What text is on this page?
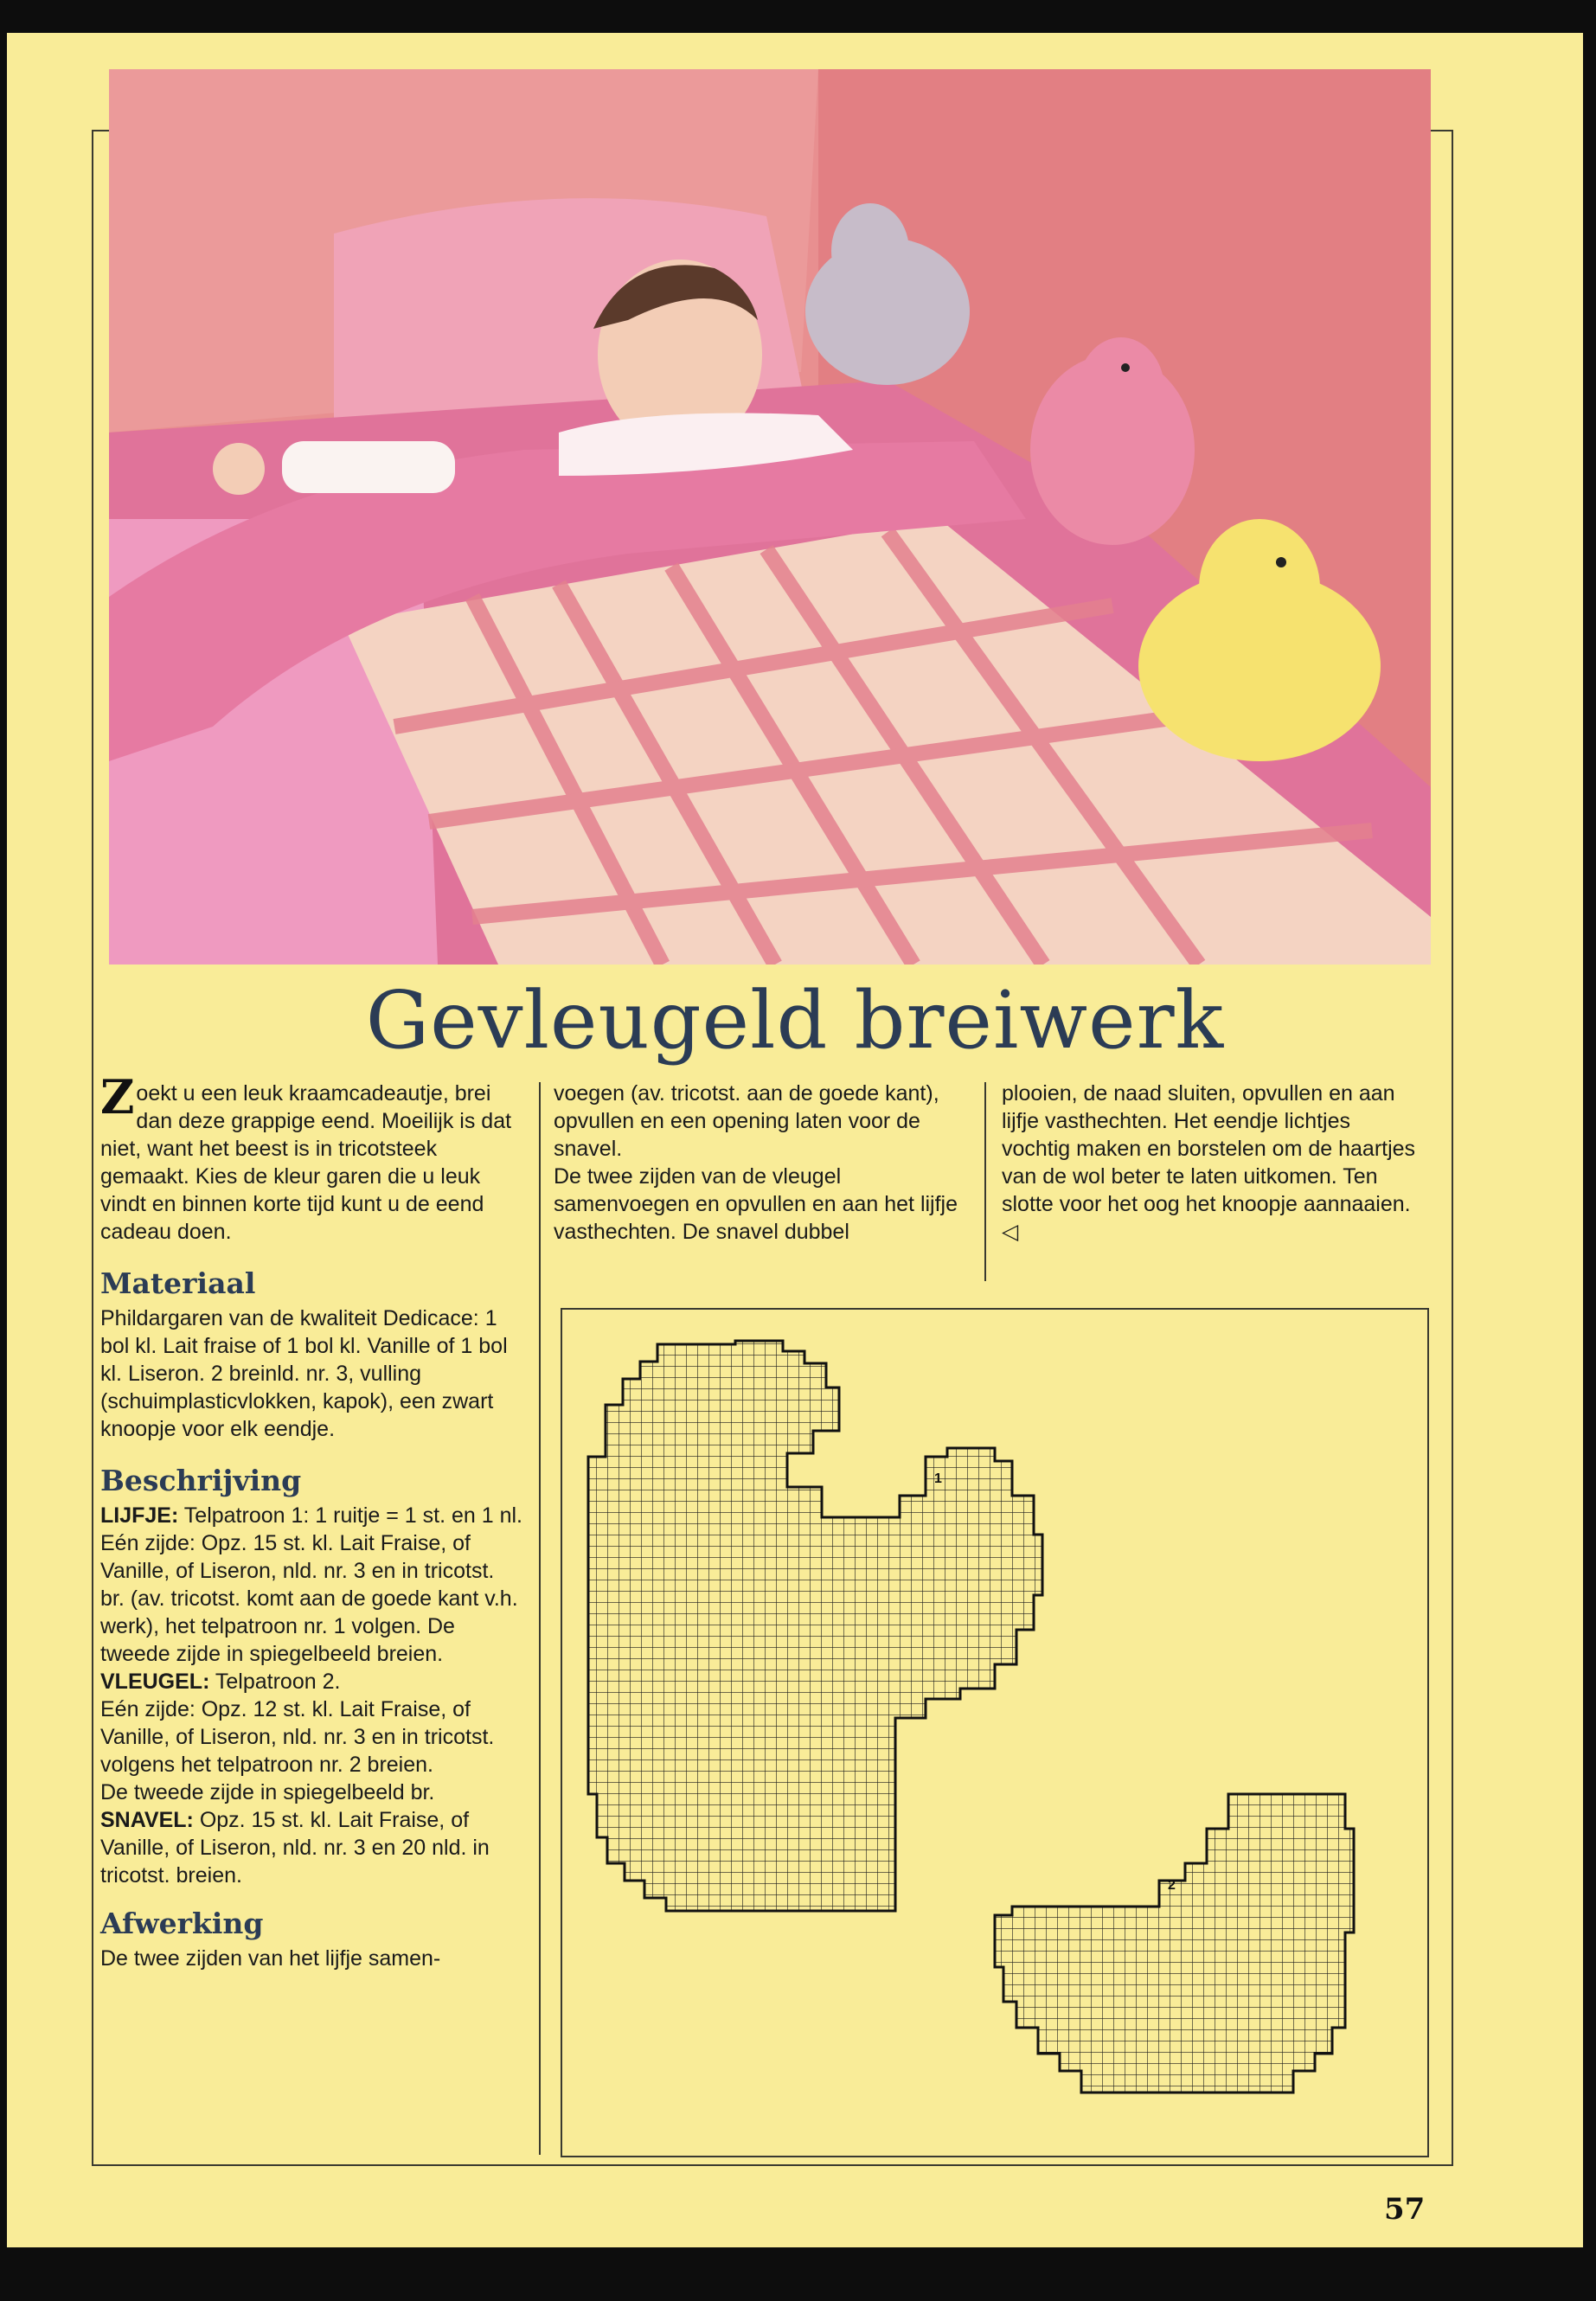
Gevleugeld breiwerk

Zoekt u een leuk kraamcadeautje, brei dan deze grappige eend. Moeilijk is dat niet, want het beest is in tricotsteek gemaakt. Kies de kleur garen die u leuk vindt en binnen korte tijd kunt u de eend cadeau doen.

Materiaal

Phildargaren van de kwaliteit Dedicace: 1 bol kl. Lait fraise of 1 bol kl. Vanille of 1 bol kl. Liseron. 2 breinld. nr. 3, vulling (schuimplasticvlokken, kapok), een zwart knoopje voor elk eendje.

Beschrijving

LIJFJE: Telpatroon 1: 1 ruitje = 1 st. en 1 nl.

Eén zijde: Opz. 15 st. kl. Lait Fraise, of Vanille, of Liseron, nld. nr. 3 en in tricotst. br. (av. tricotst. komt aan de goede kant v.h. werk), het telpatroon nr. 1 volgen. De tweede zijde in spiegelbeeld breien.

VLEUGEL: Telpatroon 2.

Eén zijde: Opz. 12 st. kl. Lait Fraise, of Vanille, of Liseron, nld. nr. 3 en in tricotst. volgens het telpatroon nr. 2 breien.

De tweede zijde in spiegelbeeld br.

SNAVEL: Opz. 15 st. kl. Lait Fraise, of Vanille, of Liseron, nld. nr. 3 en 20 nld. in tricotst. breien.

Afwerking

De twee zijden van het lijfje samen-

voegen (av. tricotst. aan de goede kant), opvullen en een opening laten voor de snavel.

De twee zijden van de vleugel samenvoegen en opvullen en aan het lijfje vasthechten. De snavel dubbel

plooien, de naad sluiten, opvullen en aan lijfje vasthechten. Het eendje lichtjes vochtig maken en borstelen om de haartjes van de wol beter te laten uitkomen. Ten slotte voor het oog het knoopje aannaaien. ◁

1
2
57
